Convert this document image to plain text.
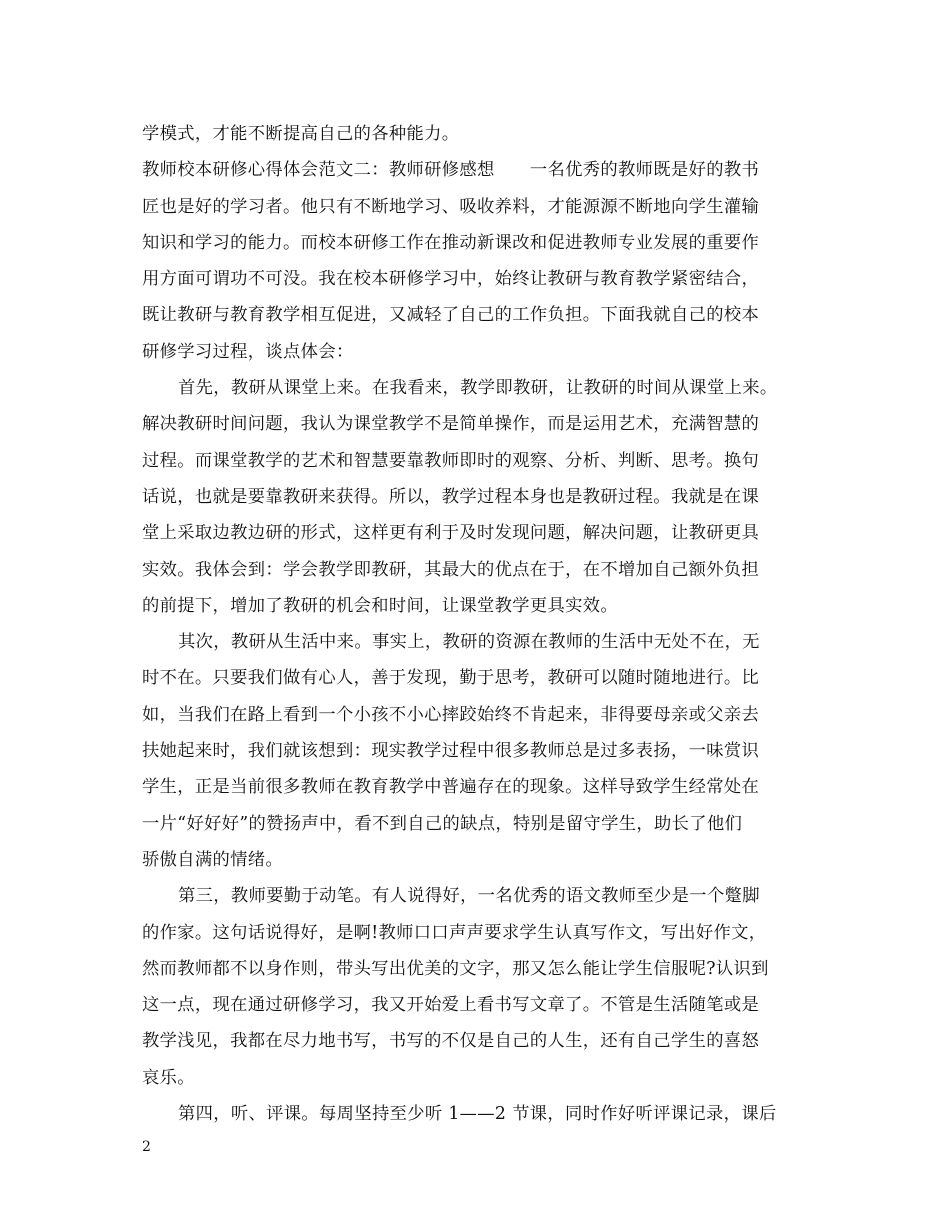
学模式，才能不断提高自己的各种能力。
教师校本研修心得体会范文二：教师研修感想　　一名优秀的教师既是好的教书
匠也是好的学习者。他只有不断地学习、吸收养料，才能源源不断地向学生灌输
知识和学习的能力。而校本研修工作在推动新课改和促进教师专业发展的重要作
用方面可谓功不可没。我在校本研修学习中，始终让教研与教育教学紧密结合，
既让教研与教育教学相互促进，又减轻了自己的工作负担。下面我就自己的校本
研修学习过程，谈点体会：
首先，教研从课堂上来。在我看来，教学即教研，让教研的时间从课堂上来。
解决教研时间问题，我认为课堂教学不是简单操作，而是运用艺术，充满智慧的
过程。而课堂教学的艺术和智慧要靠教师即时的观察、分析、判断、思考。换句
话说，也就是要靠教研来获得。所以，教学过程本身也是教研过程。我就是在课
堂上采取边教边研的形式，这样更有利于及时发现问题，解决问题，让教研更具
实效。我体会到：学会教学即教研，其最大的优点在于，在不增加自己额外负担
的前提下，增加了教研的机会和时间，让课堂教学更具实效。
其次，教研从生活中来。事实上，教研的资源在教师的生活中无处不在，无
时不在。只要我们做有心人，善于发现，勤于思考，教研可以随时随地进行。比
如，当我们在路上看到一个小孩不小心摔跤始终不肯起来，非得要母亲或父亲去
扶她起来时，我们就该想到：现实教学过程中很多教师总是过多表扬，一味赏识
学生，正是当前很多教师在教育教学中普遍存在的现象。这样导致学生经常处在
一片“好好好”的赞扬声中，看不到自己的缺点，特别是留守学生，助长了他们
骄傲自满的情绪。
第三，教师要勤于动笔。有人说得好，一名优秀的语文教师至少是一个蹩脚
的作家。这句话说得好，是啊!教师口口声声要求学生认真写作文，写出好作文，
然而教师都不以身作则，带头写出优美的文字，那又怎么能让学生信服呢?认识到
这一点，现在通过研修学习，我又开始爱上看书写文章了。不管是生活随笔或是
教学浅见，我都在尽力地书写，书写的不仅是自己的人生，还有自己学生的喜怒
哀乐。
第四，听、评课。每周坚持至少听 1——2 节课，同时作好听评课记录，课后
2
